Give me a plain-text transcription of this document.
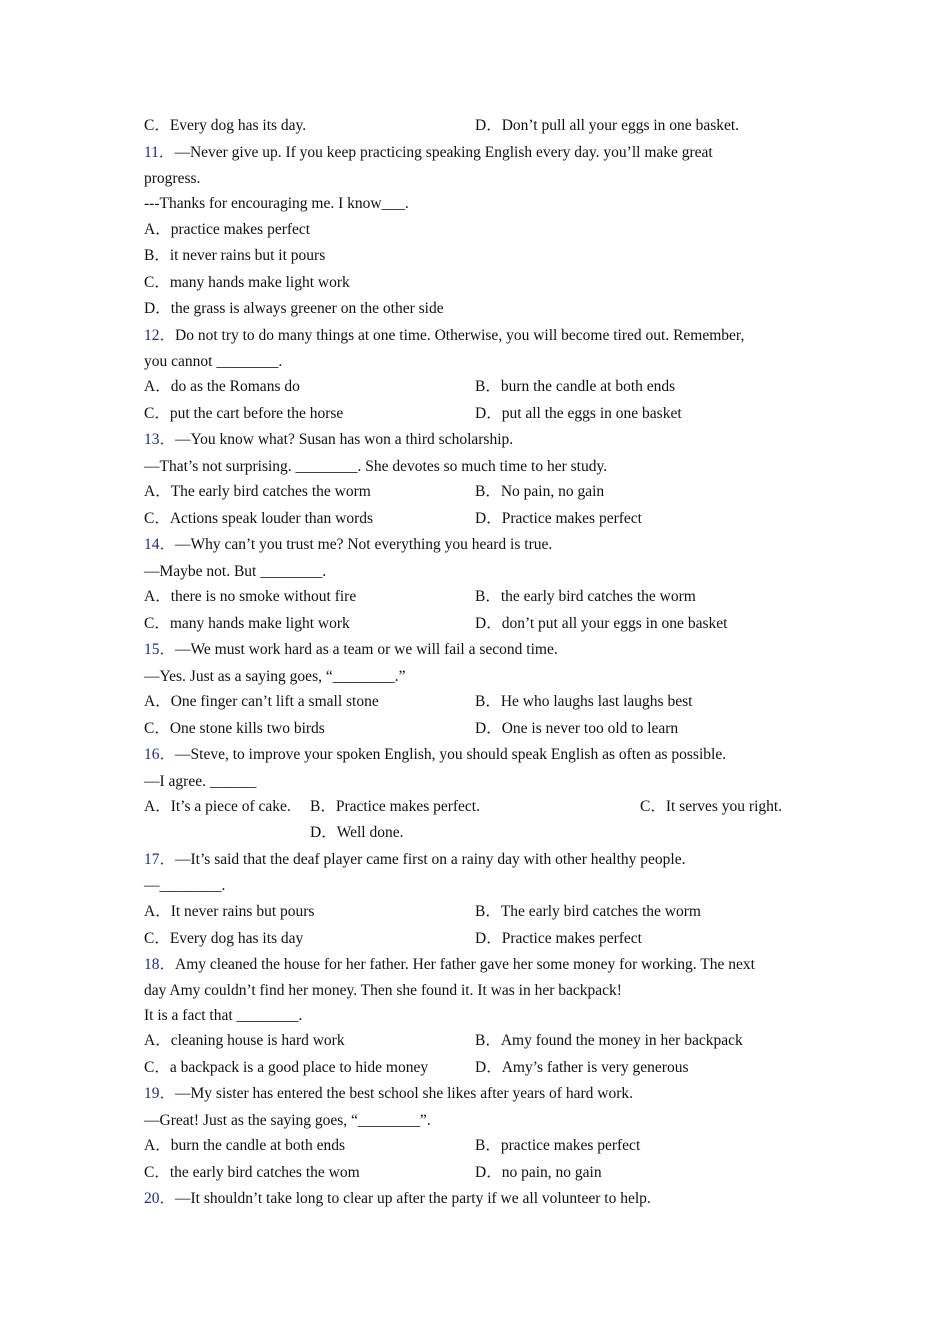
C．Every dog has its day.	D．Don’t pull all your eggs in one basket.
11．—Never give up. If you keep practicing speaking English every day. you’ll make great
progress.
---Thanks for encouraging me. I know___.
A．practice makes perfect
B．it never rains but it pours
C．many hands make light work
D．the grass is always greener on the other side
12．Do not try to do many things at one time. Otherwise, you will become tired out. Remember,
you cannot ________.
A．do as the Romans do	B．burn the candle at both ends
C．put the cart before the horse	D．put all the eggs in one basket
13．—You know what? Susan has won a third scholarship.
—That’s not surprising. ________. She devotes so much time to her study.
A．The early bird catches the worm	B．No pain, no gain
C．Actions speak louder than words	D．Practice makes perfect
14．—Why can’t you trust me? Not everything you heard is true.
—Maybe not. But ________.
A．there is no smoke without fire	B．the early bird catches the worm
C．many hands make light work	D．don’t put all your eggs in one basket
15．—We must work hard as a team or we will fail a second time.
—Yes. Just as a saying goes, “________.”
A．One finger can’t lift a small stone	B．He who laughs last laughs best
C．One stone kills two birds	D．One is never too old to learn
16．—Steve, to improve your spoken English, you should speak English as often as possible.
—I agree. ______
A．It’s a piece of cake. B．Practice makes perfect.	C．It serves you right.
D．Well done.
17．—It’s said that the deaf player came first on a rainy day with other healthy people.
—________.
A．It never rains but pours	B．The early bird catches the worm
C．Every dog has its day	D．Practice makes perfect
18．Amy cleaned the house for her father. Her father gave her some money for working. The next
day Amy couldn’t find her money. Then she found it. It was in her backpack!
It is a fact that ________.
A．cleaning house is hard work	B．Amy found the money in her backpack
C．a backpack is a good place to hide money	D．Amy’s father is very generous
19．—My sister has entered the best school she likes after years of hard work.
—Great! Just as the saying goes, “________”.
A．burn the candle at both ends	B．practice makes perfect
C．the early bird catches the wom	D．no pain, no gain
20．—It shouldn’t take long to clear up after the party if we all volunteer to help.
